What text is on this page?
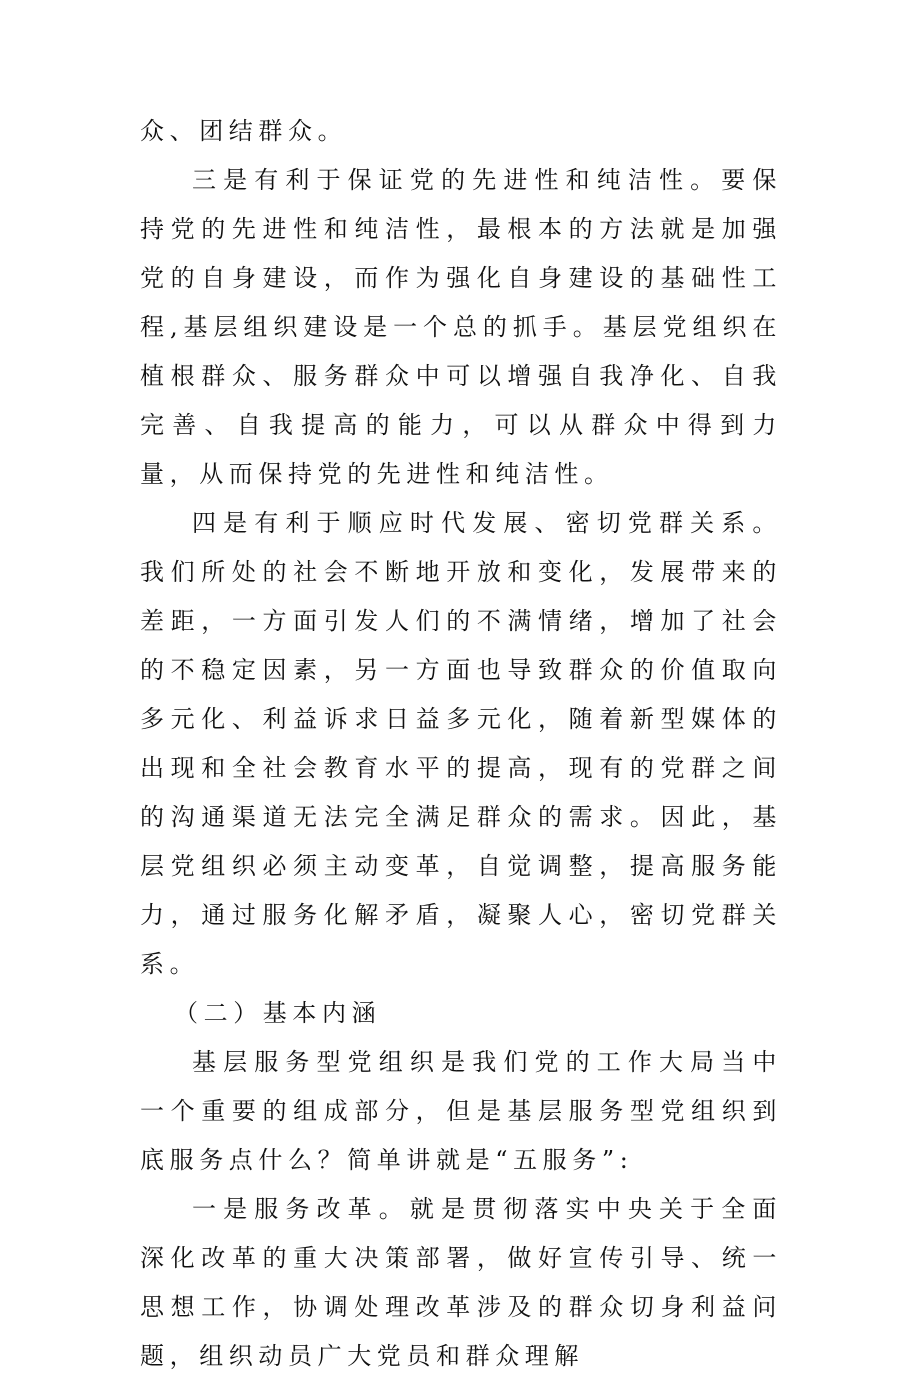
众、团结群众。

三是有利于保证党的先进性和纯洁性。要保持党的先进性和纯洁性，最根本的方法就是加强党的自身建设，而作为强化自身建设的基础性工程,基层组织建设是一个总的抓手。基层党组织在植根群众、服务群众中可以增强自我净化、自我完善、自我提高的能力，可以从群众中得到力量，从而保持党的先进性和纯洁性。

四是有利于顺应时代发展、密切党群关系。我们所处的社会不断地开放和变化，发展带来的差距，一方面引发人们的不满情绪，增加了社会的不稳定因素，另一方面也导致群众的价值取向多元化、利益诉求日益多元化，随着新型媒体的出现和全社会教育水平的提高，现有的党群之间的沟通渠道无法完全满足群众的需求。因此，基层党组织必须主动变革，自觉调整，提高服务能力，通过服务化解矛盾，凝聚人心，密切党群关系。

（二）基本内涵

基层服务型党组织是我们党的工作大局当中一个重要的组成部分，但是基层服务型党组织到底服务点什么？简单讲就是“五服务”:

一是服务改革。就是贯彻落实中央关于全面深化改革的重大决策部署，做好宣传引导、统一思想工作，协调处理改革涉及的群众切身利益问题，组织动员广大党员和群众理解
